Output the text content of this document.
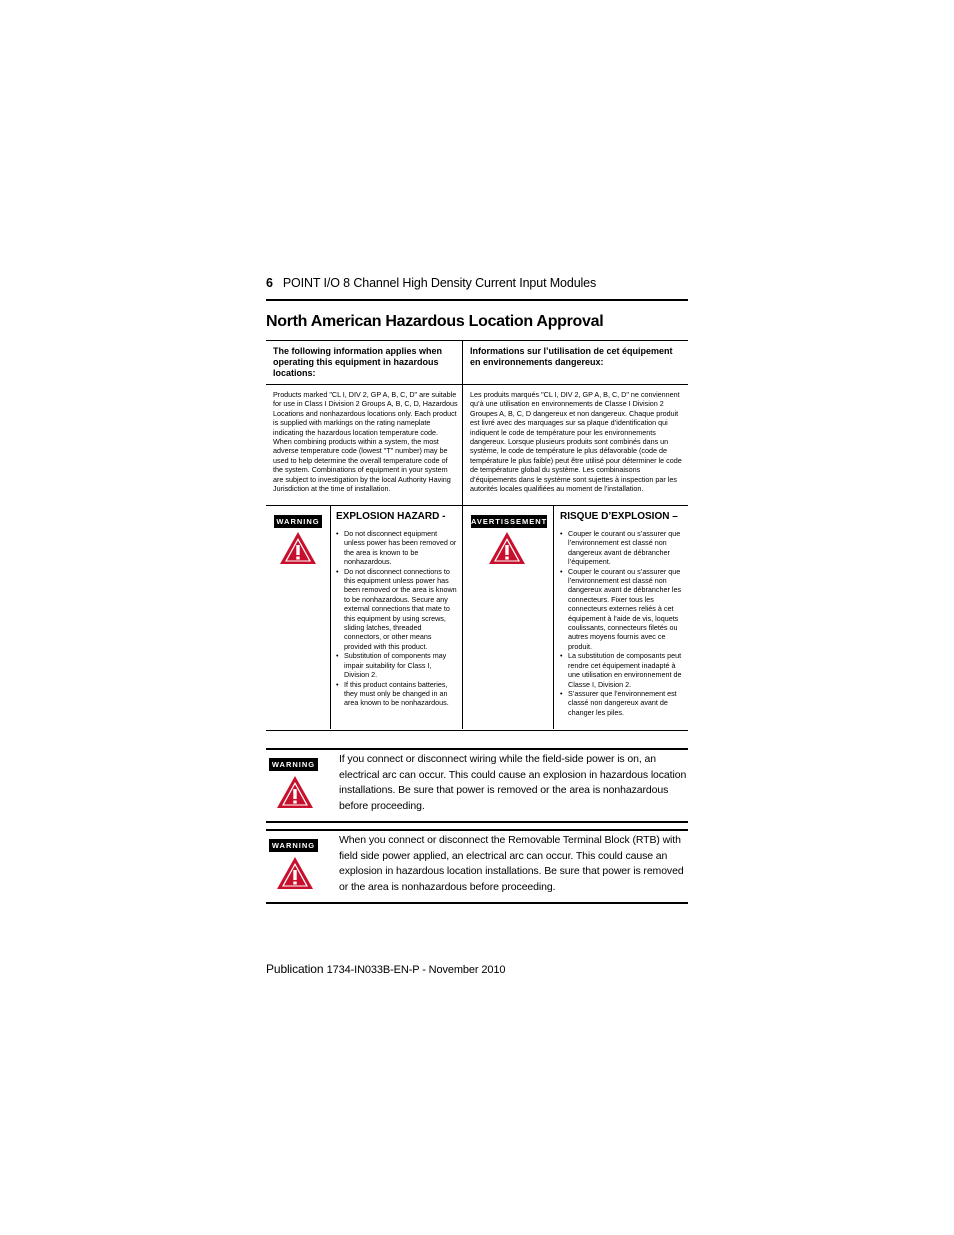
6 POINT I/O 8 Channel High Density Current Input Modules
North American Hazardous Location Approval
The following information applies when operating this equipment in hazardous locations:
Informations sur l’utilisation de cet équipement en environnements dangereux:
Products marked "CL I, DIV 2, GP A, B, C, D" are suitable for use in Class I Division 2 Groups A, B, C, D, Hazardous Locations and nonhazardous locations only. Each product is supplied with markings on the rating nameplate indicating the hazardous location temperature code. When combining products within a system, the most adverse temperature code (lowest "T" number) may be used to help determine the overall temperature code of the system. Combinations of equipment in your system are subject to investigation by the local Authority Having Jurisdiction at the time of installation.
Les produits marqués "CL I, DIV 2, GP A, B, C, D" ne conviennent qu’à une utilisation en environnements de Classe I Division 2 Groupes A, B, C, D dangereux et non dangereux. Chaque produit est livré avec des marquages sur sa plaque d’identification qui indiquent le code de température pour les environnements dangereux. Lorsque plusieurs produits sont combinés dans un système, le code de température le plus défavorable (code de température le plus faible) peut être utilisé pour déterminer le code de température global du système. Les combinaisons d’équipements dans le système sont sujettes à inspection par les autorités locales qualifiées au moment de l’installation.
WARNING EXPLOSION HAZARD -
• Do not disconnect equipment unless power has been removed or the area is known to be nonhazardous.
• Do not disconnect connections to this equipment unless power has been removed or the area is known to be nonhazardous. Secure any external connections that mate to this equipment by using screws, sliding latches, threaded connectors, or other means provided with this product.
• Substitution of components may impair suitability for Class I, Division 2.
• If this product contains batteries, they must only be changed in an area known to be nonhazardous.
AVERTISSEMENT RISQUE D’EXPLOSION –
• Couper le courant ou s’assurer que l’environnement est classé non dangereux avant de débrancher l’équipement.
• Couper le courant ou s’assurer que l’environnement est classé non dangereux avant de débrancher les connecteurs. Fixer tous les connecteurs externes reliés à cet équipement à l’aide de vis, loquets coulissants, connecteurs filetés ou autres moyens fournis avec ce produit.
• La substitution de composants peut rendre cet équipement inadapté à une utilisation en environnement de Classe I, Division 2.
• S’assurer que l’environnement est classé non dangereux avant de changer les piles.
WARNING If you connect or disconnect wiring while the field-side power is on, an electrical arc can occur. This could cause an explosion in hazardous location installations. Be sure that power is removed or the area is nonhazardous before proceeding.
WARNING When you connect or disconnect the Removable Terminal Block (RTB) with field side power applied, an electrical arc can occur. This could cause an explosion in hazardous location installations. Be sure that power is removed or the area is nonhazardous before proceeding.
Publication 1734-IN033B-EN-P - November 2010
